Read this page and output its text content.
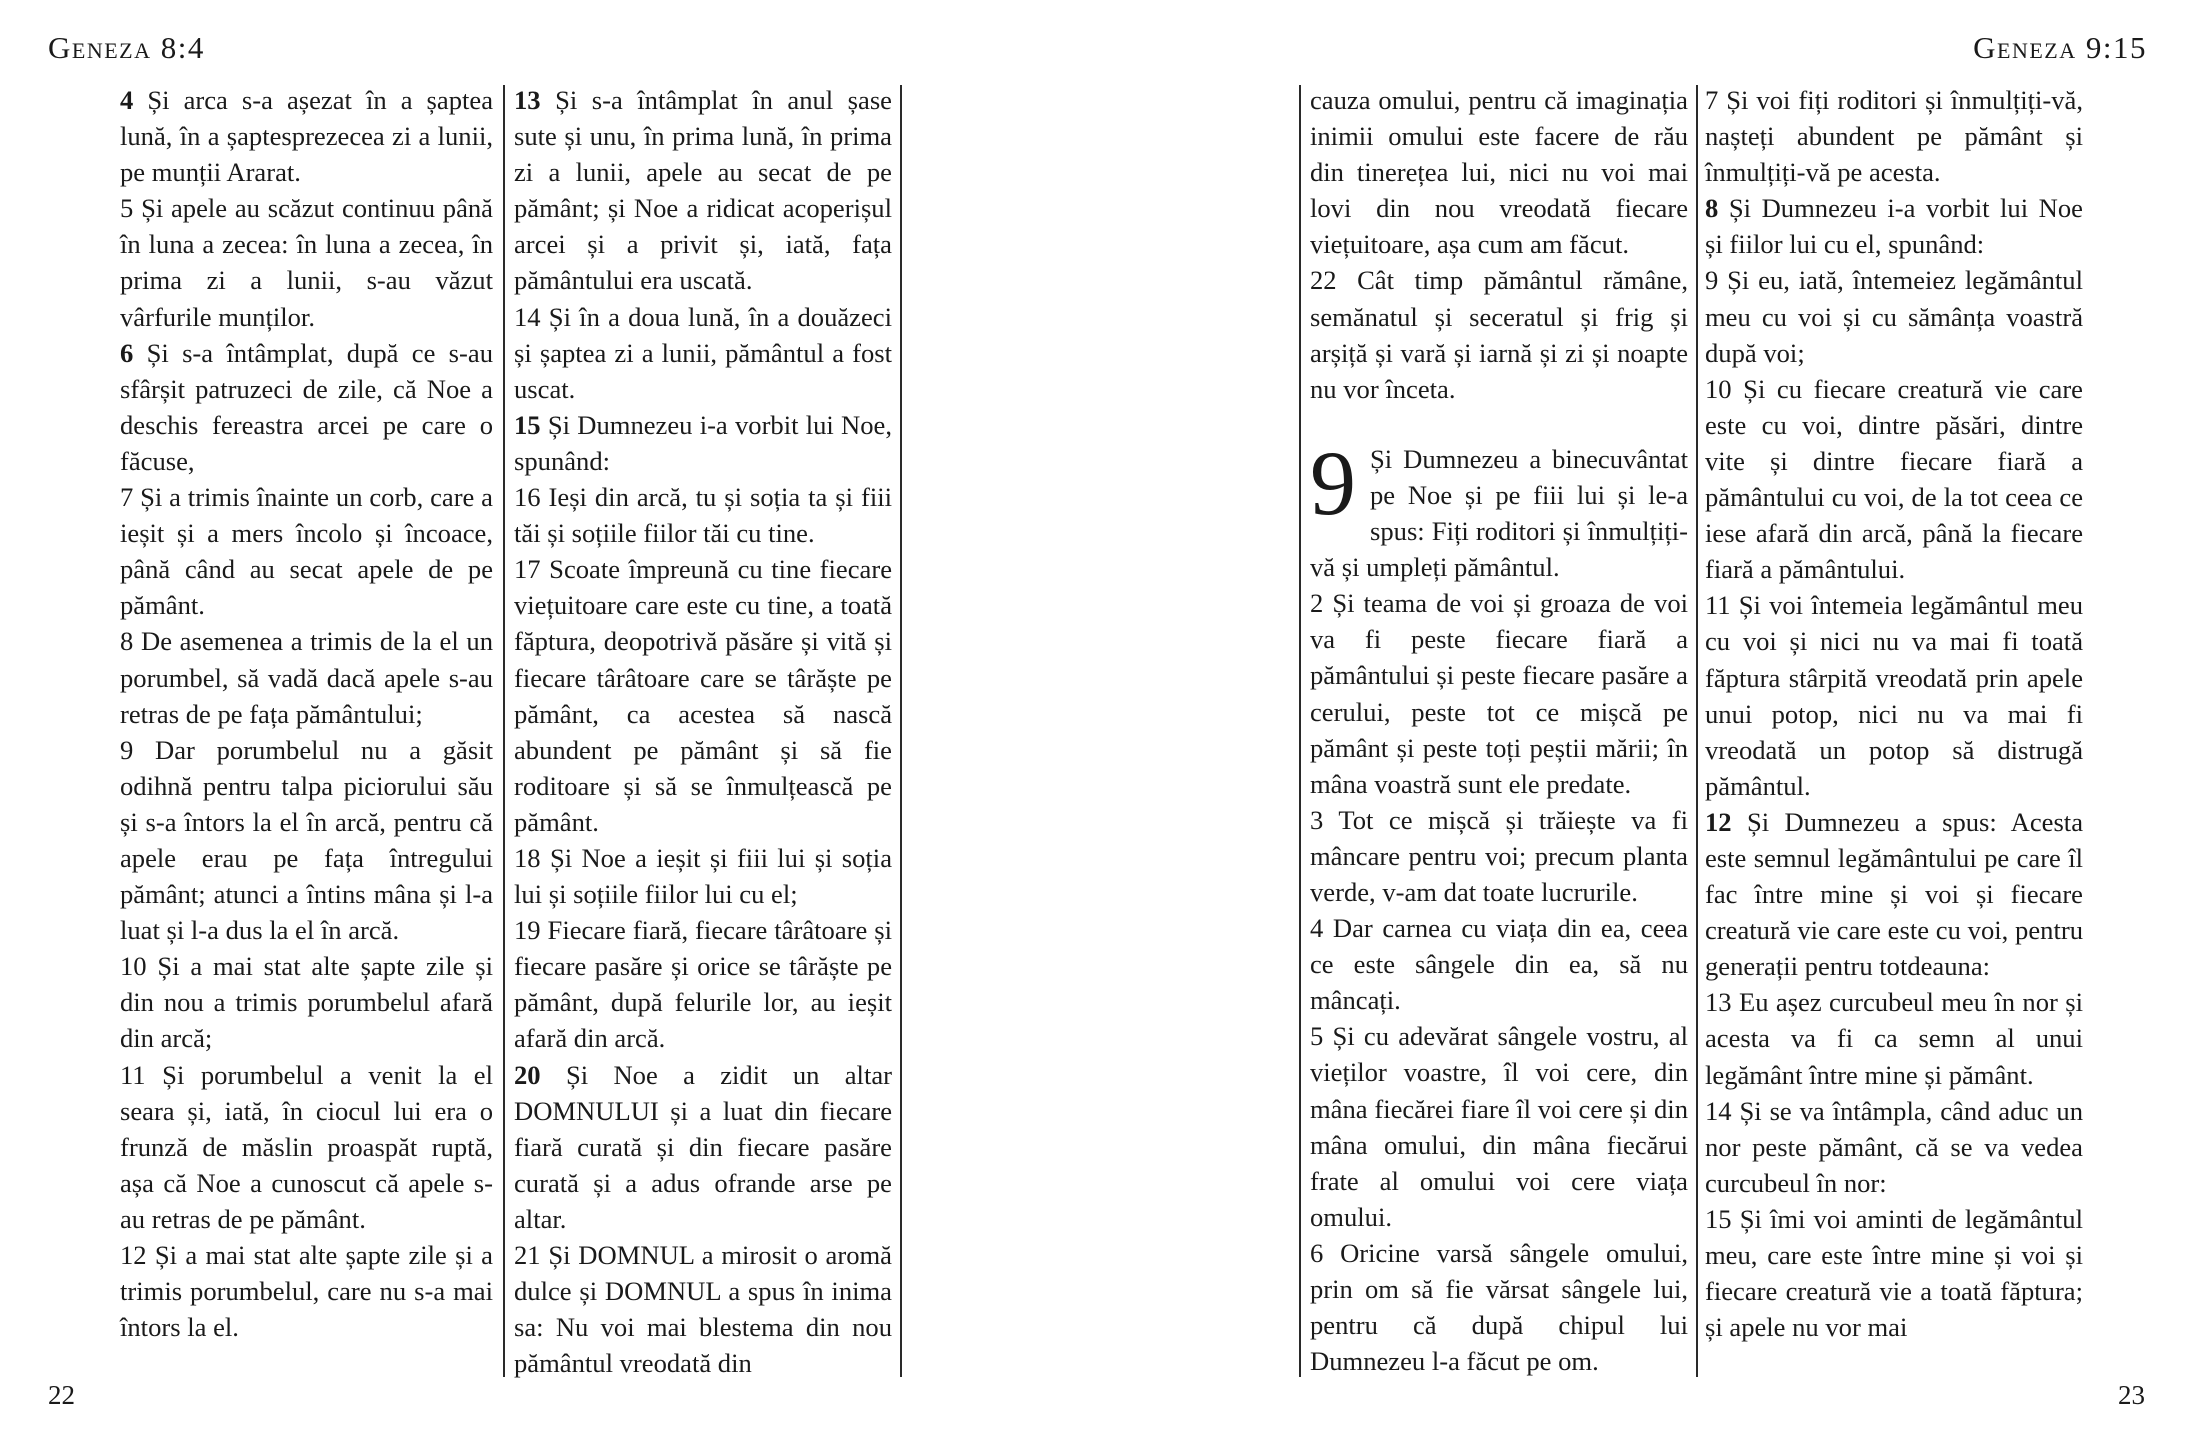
Geneza 8:4	Geneza 9:15

4 Și arca s-a așezat în a șaptea lună, în a șaptesprezecea zi a lunii, pe munții Ararat.

5 Și apele au scăzut continuu până în luna a zecea: în luna a zecea, în prima zi a lunii, s-au văzut vârfurile munților.

6 Și s-a întâmplat, după ce s-au sfârșit patruzeci de zile, că Noe a deschis fereastra arcei pe care o făcuse,

7 Și a trimis înainte un corb, care a ieșit și a mers încolo și încoace, până când au secat apele de pe pământ.

8 De asemenea a trimis de la el un porumbel, să vadă dacă apele s-au retras de pe fața pământului;

9 Dar porumbelul nu a găsit odihnă pentru talpa piciorului său și s-a întors la el în arcă, pentru că apele erau pe fața întregului pământ; atunci a întins mâna și l-a luat și l-a dus la el în arcă.

10 Și a mai stat alte șapte zile și din nou a trimis porumbelul afară din arcă;

11 Și porumbelul a venit la el seara și, iată, în ciocul lui era o frunză de măslin proaspăt ruptă, așa că Noe a cunoscut că apele s-au retras de pe pământ.

12 Și a mai stat alte șapte zile și a trimis porumbelul, care nu s-a mai întors la el.

13 Și s-a întâmplat în anul șase sute și unu, în prima lună, în prima zi a lunii, apele au secat de pe pământ; și Noe a ridicat acoperișul arcei și a privit și, iată, fața pământului era uscată.

14 Și în a doua lună, în a douăzeci și șaptea zi a lunii, pământul a fost uscat.

15 Și Dumnezeu i-a vorbit lui Noe, spunând:

16 Ieși din arcă, tu și soția ta și fiii tăi și soțiile fiilor tăi cu tine.

17 Scoate împreună cu tine fiecare viețuitoare care este cu tine, a toată făptura, deopotrivă păsăre și vită și fiecare târâtoare care se târăște pe pământ, ca acestea să nască abundent pe pământ și să fie roditoare și să se înmulțească pe pământ.

18 Și Noe a ieșit și fiii lui și soția lui și soțiile fiilor lui cu el;

19 Fiecare fiară, fiecare târâtoare și fiecare pasăre și orice se târăște pe pământ, după felurile lor, au ieșit afară din arcă.

20 Și Noe a zidit un altar DOMNULUI și a luat din fiecare fiară curată și din fiecare pasăre curată și a adus ofrande arse pe altar.

21 Și DOMNUL a mirosit o aromă dulce și DOMNUL a spus în inima sa: Nu voi mai blestema din nou pământul vreodată din

cauza omului, pentru că imaginația inimii omului este facere de rău din tinerețea lui, nici nu voi mai lovi din nou vreodată fiecare viețuitoare, așa cum am făcut.

22 Cât timp pământul rămâne, semănatul și seceratul și frig și arșiță și vară și iarnă și zi și noapte nu vor înceta.

9 Și Dumnezeu a binecuvântat pe Noe și pe fiii lui și le-a spus: Fiți roditori și înmulțiți-vă și umpleți pământul.

2 Și teama de voi și groaza de voi va fi peste fiecare fiară a pământului și peste fiecare pasăre a cerului, peste tot ce mișcă pe pământ și peste toți peștii mării; în mâna voastră sunt ele predate.

3 Tot ce mișcă și trăiește va fi mâncare pentru voi; precum planta verde, v-am dat toate lucrurile.

4 Dar carnea cu viața din ea, ceea ce este sângele din ea, să nu mâncați.

5 Și cu adevărat sângele vostru, al vieților voastre, îl voi cere, din mâna fiecărei fiare îl voi cere și din mâna omului, din mâna fiecărui frate al omului voi cere viața omului.

6 Oricine varsă sângele omului, prin om să fie vărsat sângele lui, pentru că după chipul lui Dumnezeu l-a făcut pe om.

7 Și voi fiți roditori și înmulțiți-vă, nașteți abundent pe pământ și înmulțiți-vă pe acesta.

8 Și Dumnezeu i-a vorbit lui Noe și fiilor lui cu el, spunând:

9 Și eu, iată, întemeiez legământul meu cu voi și cu sămânța voastră după voi;

10 Și cu fiecare creatură vie care este cu voi, dintre păsări, dintre vite și dintre fiecare fiară a pământului cu voi, de la tot ceea ce iese afară din arcă, până la fiecare fiară a pământului.

11 Și voi întemeia legământul meu cu voi și nici nu va mai fi toată făptura stârpită vreodată prin apele unui potop, nici nu va mai fi vreodată un potop să distrugă pământul.

12 Și Dumnezeu a spus: Acesta este semnul legământului pe care îl fac între mine și voi și fiecare creatură vie care este cu voi, pentru generații pentru totdeauna:

13 Eu așez curcubeul meu în nor și acesta va fi ca semn al unui legământ între mine și pământ.

14 Și se va întâmpla, când aduc un nor peste pământ, că se va vedea curcubeul în nor:

15 Și îmi voi aminti de legământul meu, care este între mine și voi și fiecare creatură vie a toată făptura; și apele nu vor mai

22	23
